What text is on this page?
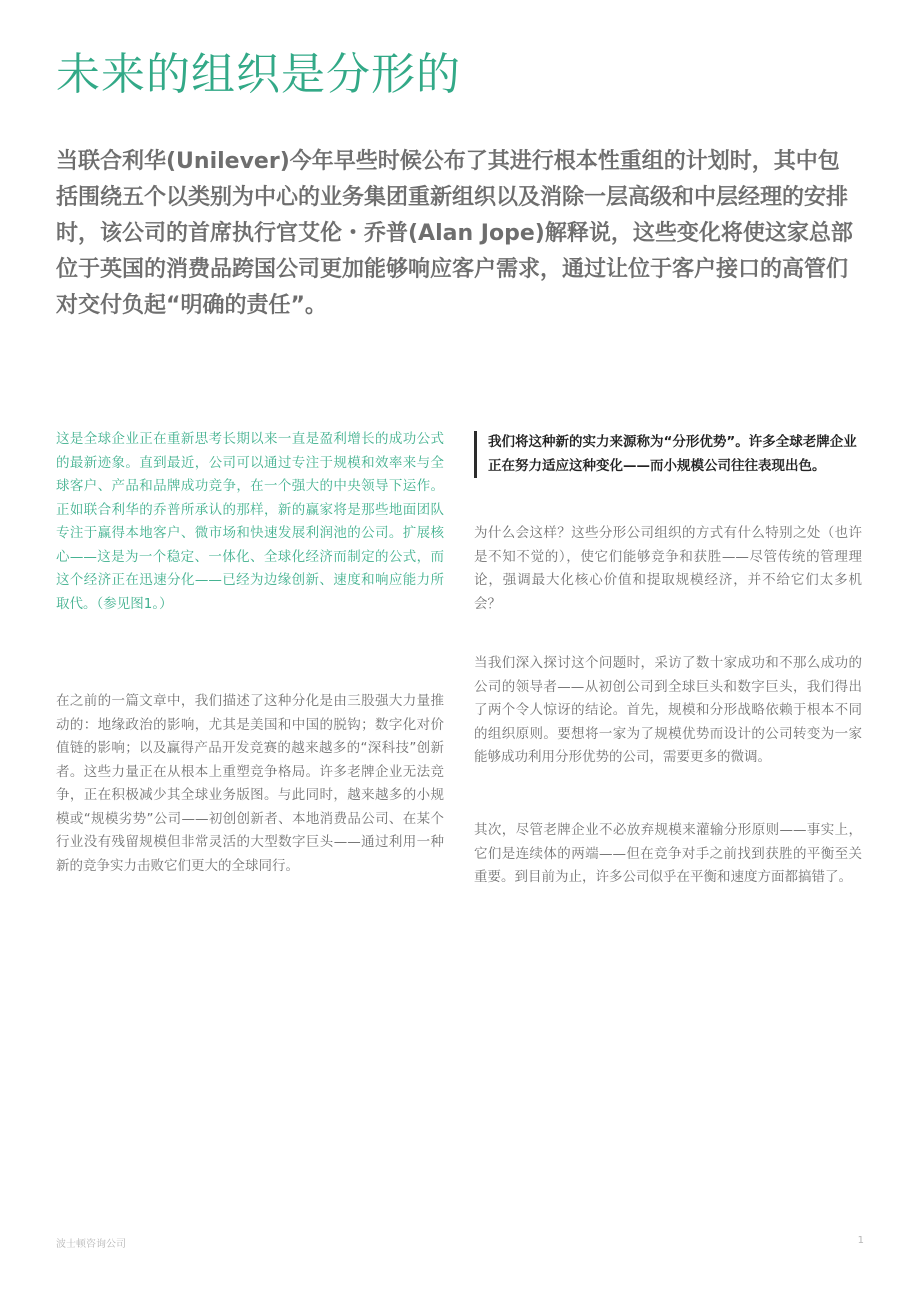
未来的组织是分形的

当联合利华(Unilever)今年早些时候公布了其进行根本性重组的计划时，其中包括围绕五个以类别为中心的业务集团重新组织以及消除一层高级和中层经理的安排时，该公司的首席执行官艾伦・乔普(Alan Jope)解释说，这些变化将使这家总部位于英国的消费品跨国公司更加能够响应客户需求，通过让位于客户接口的高管们对交付负起“明确的责任”。

这是全球企业正在重新思考长期以来一直是盈利增长的成功公式的最新迹象。直到最近，公司可以通过专注于规模和效率来与全球客户、产品和品牌成功竞争，在一个强大的中央领导下运作。正如联合利华的乔普所承认的那样，新的赢家将是那些地面团队专注于赢得本地客户、微市场和快速发展利润池的公司。扩展核心——这是为一个稳定、一体化、全球化经济而制定的公式，而这个经济正在迅速分化——已经为边缘创新、速度和响应能力所取代。（参见图1。）

在之前的一篇文章中，我们描述了这种分化是由三股强大力量推动的：地缘政治的影响，尤其是美国和中国的脱钩；数字化对价值链的影响；以及赢得产品开发竞赛的越来越多的“深科技”创新者。这些力量正在从根本上重塑竞争格局。许多老牌企业无法竞争，正在积极减少其全球业务版图。与此同时，越来越多的小规模或“规模劣势”公司——初创创新者、本地消费品公司、在某个行业没有残留规模但非常灵活的大型数字巨头——通过利用一种新的竞争实力击败它们更大的全球同行。

我们将这种新的实力来源称为“分形优势”。许多全球老牌企业正在努力适应这种变化——而小规模公司往往表现出色。

为什么会这样？这些分形公司组织的方式有什么特别之处（也许是不知不觉的），使它们能够竞争和获胜——尽管传统的管理理论，强调最大化核心价值和提取规模经济，并不给它们太多机会？

当我们深入探讨这个问题时，采访了数十家成功和不那么成功的公司的领导者——从初创公司到全球巨头和数字巨头，我们得出了两个令人惊讶的结论。首先，规模和分形战略依赖于根本不同的组织原则。要想将一家为了规模优势而设计的公司转变为一家能够成功利用分形优势的公司，需要更多的微调。

其次，尽管老牌企业不必放弃规模来灌输分形原则——事实上，它们是连续体的两端——但在竞争对手之前找到获胜的平衡至关重要。到目前为止，许多公司似乎在平衡和速度方面都搞错了。

波士顿咨询公司	1
